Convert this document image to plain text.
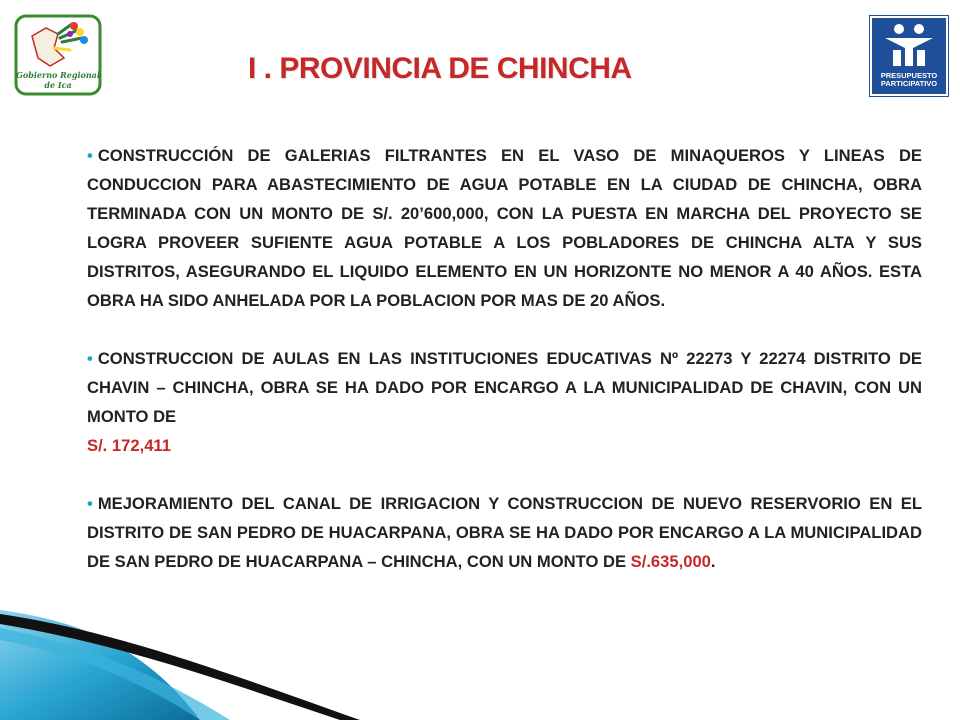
Gobierno Regional
de Ica
PRESUPUESTO
PARTICIPATIVO
I . PROVINCIA DE CHINCHA

• CONSTRUCCIÓN DE GALERIAS FILTRANTES EN EL VASO DE MINAQUEROS Y LINEAS DE CONDUCCION PARA ABASTECIMIENTO DE AGUA POTABLE EN LA CIUDAD DE CHINCHA, OBRA TERMINADA CON UN MONTO DE S/. 20’600,000, CON LA PUESTA EN MARCHA DEL PROYECTO SE LOGRA PROVEER SUFIENTE AGUA POTABLE A LOS POBLADORES DE CHINCHA ALTA Y SUS DISTRITOS, ASEGURANDO EL LIQUIDO ELEMENTO EN UN HORIZONTE NO MENOR A 40 AÑOS. ESTA OBRA HA SIDO ANHELADA POR LA POBLACION POR MAS DE 20 AÑOS.

• CONSTRUCCION DE AULAS EN LAS INSTITUCIONES EDUCATIVAS Nº 22273 Y 22274 DISTRITO DE CHAVIN – CHINCHA, OBRA SE HA DADO POR ENCARGO A LA MUNICIPALIDAD DE CHAVIN, CON UN MONTO DE
S/. 172,411

• MEJORAMIENTO DEL CANAL DE IRRIGACION Y CONSTRUCCION DE NUEVO RESERVORIO EN EL DISTRITO DE SAN PEDRO DE HUACARPANA, OBRA SE HA DADO POR ENCARGO A LA MUNICIPALIDAD DE SAN PEDRO DE HUACARPANA – CHINCHA, CON UN MONTO DE S/.635,000.
